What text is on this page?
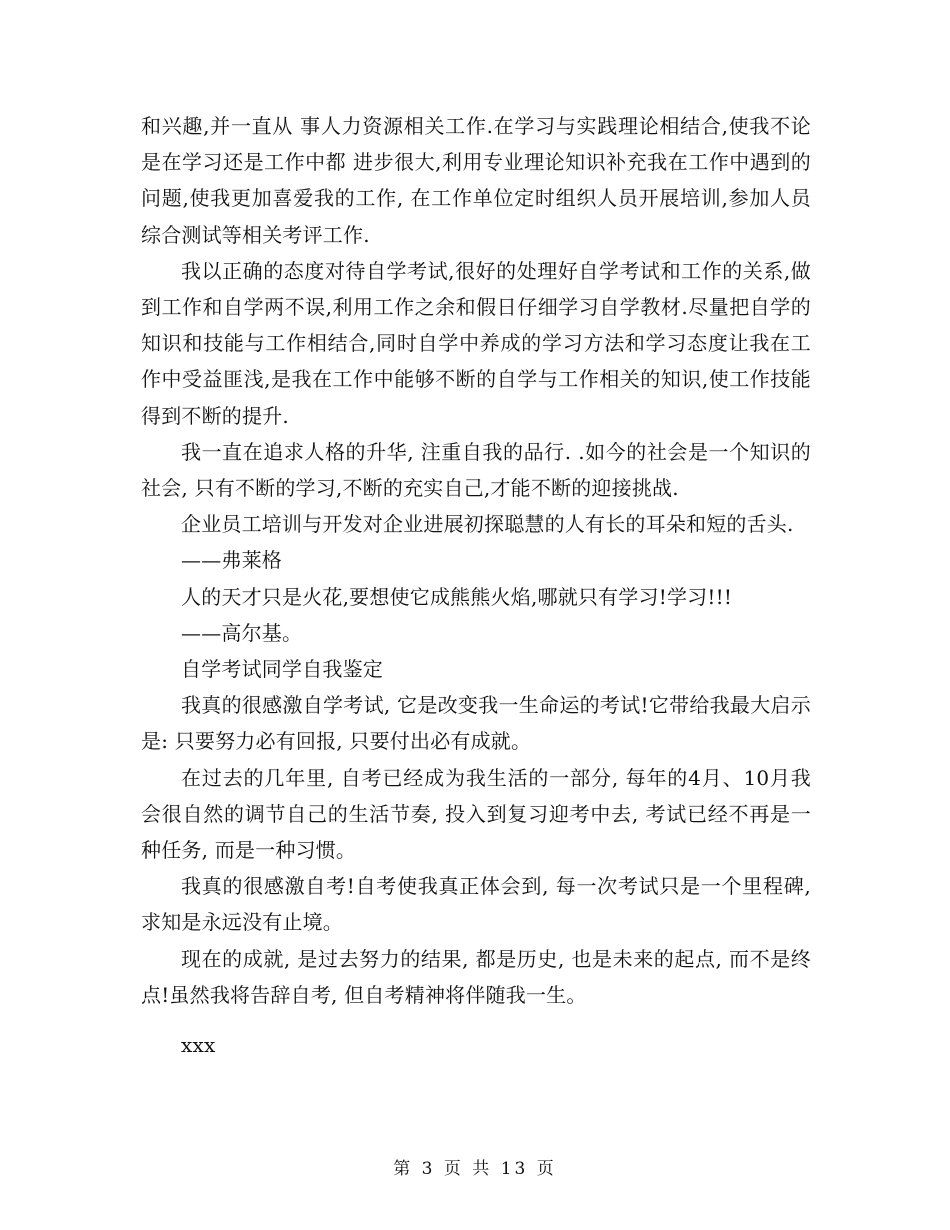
和兴趣,并一直从 事人力资源相关工作.在学习与实践理论相结合,使我不论是在学习还是工作中都 进步很大,利用专业理论知识补充我在工作中遇到的问题,使我更加喜爱我的工作, 在工作单位定时组织人员开展培训,参加人员综合测试等相关考评工作.

我以正确的态度对待自学考试,很好的处理好自学考试和工作的关系,做到工作和自学两不误,利用工作之余和假日仔细学习自学教材.尽量把自学的知识和技能与工作相结合,同时自学中养成的学习方法和学习态度让我在工作中受益匪浅,是我在工作中能够不断的自学与工作相关的知识,使工作技能得到不断的提升.

我一直在追求人格的升华, 注重自我的品行. .如今的社会是一个知识的社会, 只有不断的学习,不断的充实自己,才能不断的迎接挑战.

企业员工培训与开发对企业进展初探聪慧的人有长的耳朵和短的舌头.

——弗莱格

人的天才只是火花,要想使它成熊熊火焰,哪就只有学习!学习!!!

——高尔基。

自学考试同学自我鉴定

我真的很感激自学考试, 它是改变我一生命运的考试!它带给我最大启示是: 只要努力必有回报, 只要付出必有成就。

在过去的几年里, 自考已经成为我生活的一部分, 每年的4月、10月我会很自然的调节自己的生活节奏, 投入到复习迎考中去, 考试已经不再是一种任务, 而是一种习惯。

我真的很感激自考!自考使我真正体会到, 每一次考试只是一个里程碑, 求知是永远没有止境。

现在的成就, 是过去努力的结果, 都是历史, 也是未来的起点, 而不是终点!虽然我将告辞自考, 但自考精神将伴随我一生。

xxx

第 3 页 共 13 页
